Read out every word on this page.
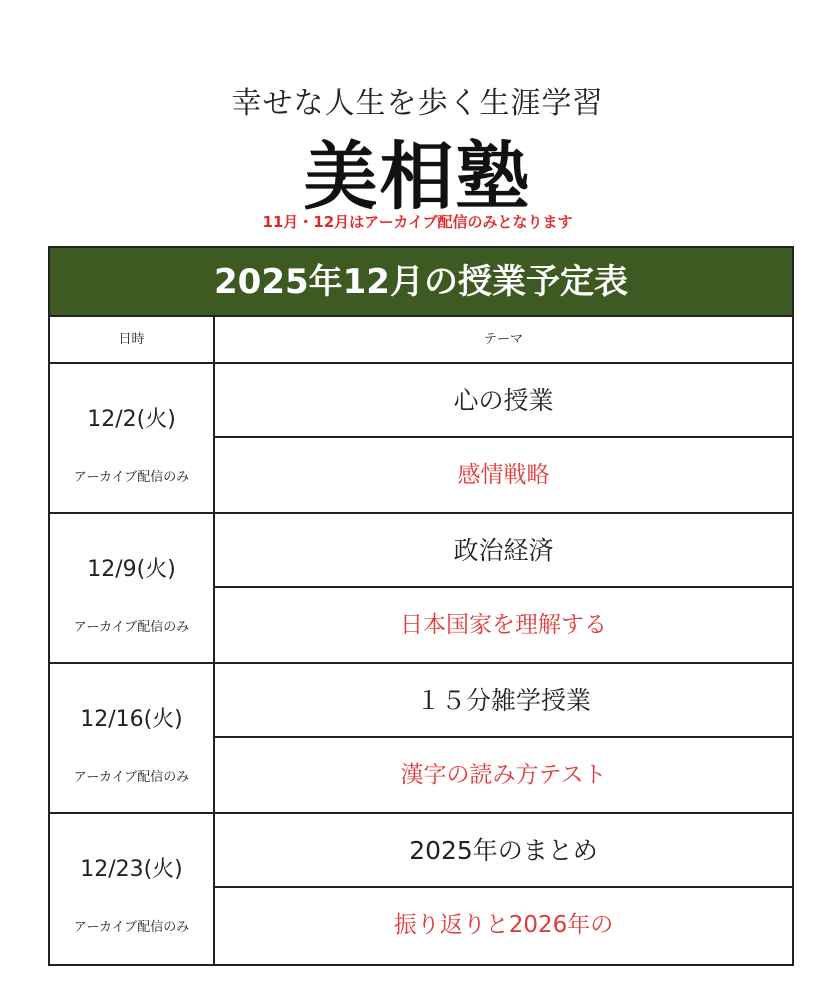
幸せな人生を歩く生涯学習
美相塾
11月・12月はアーカイブ配信のみとなります
2025年12月の授業予定表
日時	テーマ
12/2(火)
アーカイブ配信のみ
心の授業
感情戦略
12/9(火)
アーカイブ配信のみ
政治経済
日本国家を理解する
12/16(火)
アーカイブ配信のみ
１５分雑学授業
漢字の読み方テスト
12/23(火)
アーカイブ配信のみ
2025年のまとめ
振り返りと2026年の
